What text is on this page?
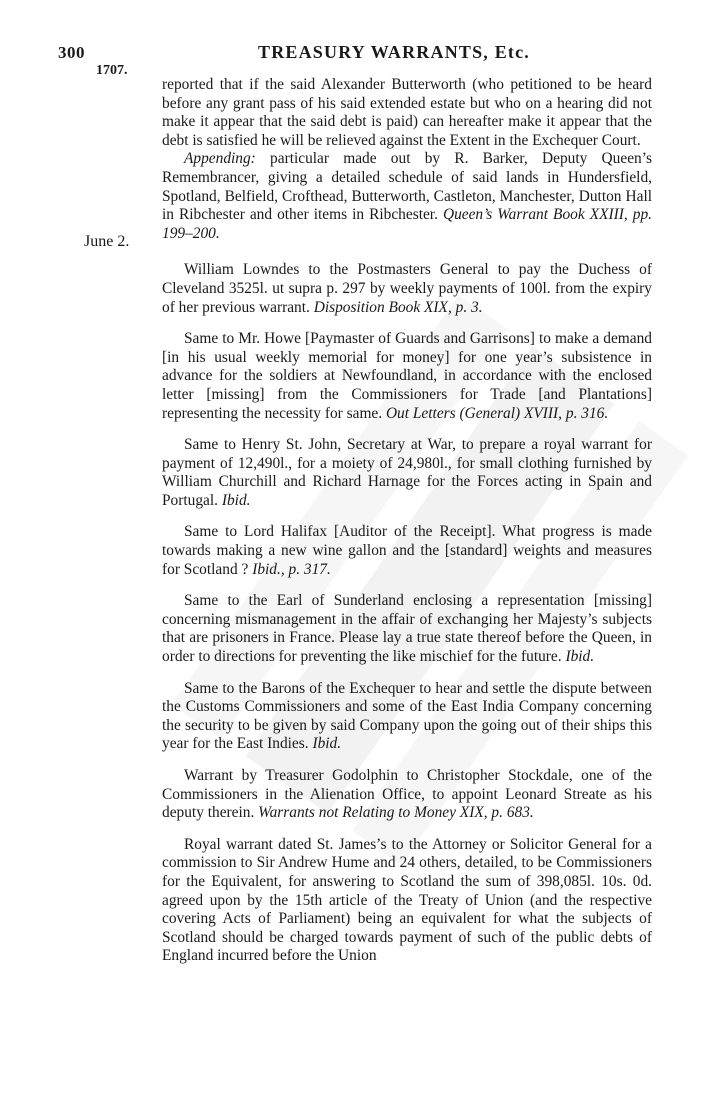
300	TREASURY WARRANTS, Etc.
1707.
June 2.

reported that if the said Alexander Butterworth (who petitioned to be heard before any grant pass of his said extended estate but who on a hearing did not make it appear that the said debt is paid) can hereafter make it appear that the debt is satisfied he will be relieved against the Extent in the Exchequer Court.

Appending: particular made out by R. Barker, Deputy Queen’s Remembrancer, giving a detailed schedule of said lands in Hundersfield, Spotland, Belfield, Crofthead, Butterworth, Castleton, Manchester, Dutton Hall in Ribchester and other items in Ribchester. Queen’s Warrant Book XXIII, pp. 199–200.

William Lowndes to the Postmasters General to pay the Duchess of Cleveland 3525l. ut supra p. 297 by weekly payments of 100l. from the expiry of her previous warrant. Disposition Book XIX, p. 3.

Same to Mr. Howe [Paymaster of Guards and Garrisons] to make a demand [in his usual weekly memorial for money] for one year’s subsistence in advance for the soldiers at Newfoundland, in accordance with the enclosed letter [missing] from the Commissioners for Trade [and Plantations] representing the necessity for same. Out Letters (General) XVIII, p. 316.

Same to Henry St. John, Secretary at War, to prepare a royal warrant for payment of 12,490l., for a moiety of 24,980l., for small clothing furnished by William Churchill and Richard Harnage for the Forces acting in Spain and Portugal. Ibid.

Same to Lord Halifax [Auditor of the Receipt]. What progress is made towards making a new wine gallon and the [standard] weights and measures for Scotland ? Ibid., p. 317.

Same to the Earl of Sunderland enclosing a representation [missing] concerning mismanagement in the affair of exchanging her Majesty’s subjects that are prisoners in France. Please lay a true state thereof before the Queen, in order to directions for preventing the like mischief for the future. Ibid.

Same to the Barons of the Exchequer to hear and settle the dispute between the Customs Commissioners and some of the East India Company concerning the security to be given by said Company upon the going out of their ships this year for the East Indies. Ibid.

Warrant by Treasurer Godolphin to Christopher Stockdale, one of the Commissioners in the Alienation Office, to appoint Leonard Streate as his deputy therein. Warrants not Relating to Money XIX, p. 683.

Royal warrant dated St. James’s to the Attorney or Solicitor General for a commission to Sir Andrew Hume and 24 others, detailed, to be Commissioners for the Equivalent, for answering to Scotland the sum of 398,085l. 10s. 0d. agreed upon by the 15th article of the Treaty of Union (and the respective covering Acts of Parliament) being an equivalent for what the subjects of Scotland should be charged towards payment of such of the public debts of England incurred before the Union
